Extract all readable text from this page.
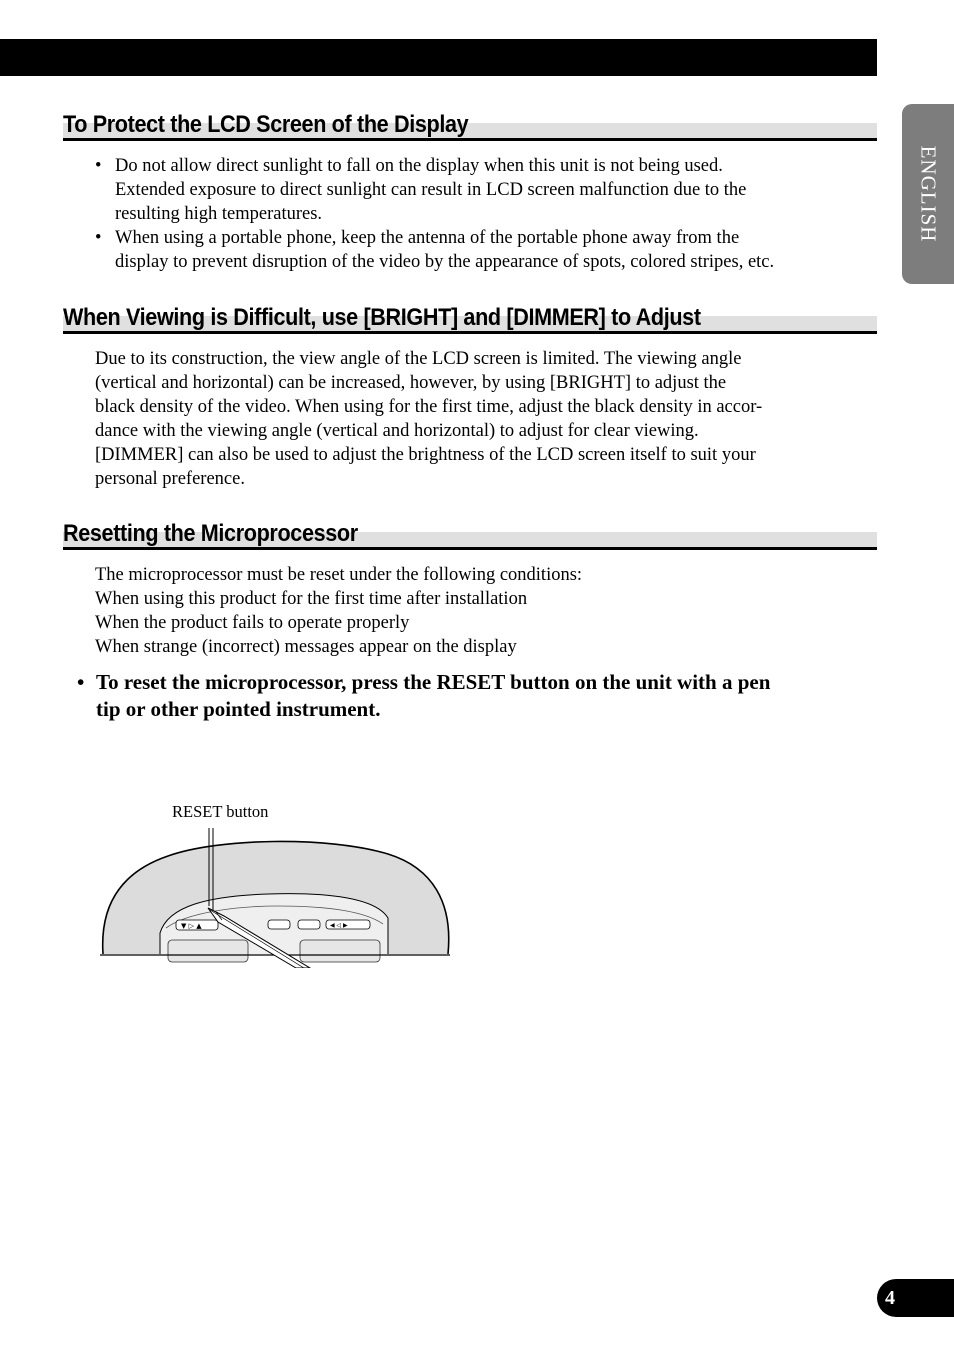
ENGLISH
To Protect the LCD Screen of the Display
• Do not allow direct sunlight to fall on the display when this unit is not being used.
Extended exposure to direct sunlight can result in LCD screen malfunction due to the
resulting high temperatures.
• When using a portable phone, keep the antenna of the portable phone away from the
display to prevent disruption of the video by the appearance of spots, colored stripes, etc.
When Viewing is Difficult, use [BRIGHT] and [DIMMER] to Adjust

Due to its construction, the view angle of the LCD screen is limited. The viewing angle
(vertical and horizontal) can be increased, however, by using [BRIGHT] to adjust the
black density of the video. When using for the first time, adjust the black density in accor-
dance with the viewing angle (vertical and horizontal) to adjust for clear viewing.
[DIMMER] can also be used to adjust the brightness of the LCD screen itself to suit your
personal preference.

Resetting the Microprocessor

The microprocessor must be reset under the following conditions:
When using this product for the first time after installation
When the product fails to operate properly
When strange (incorrect) messages appear on the display

• To reset the microprocessor, press the RESET button on the unit with a pen
tip or other pointed instrument.
RESET button
▼ ▷ ▲	◀ ◁ ▶
4
